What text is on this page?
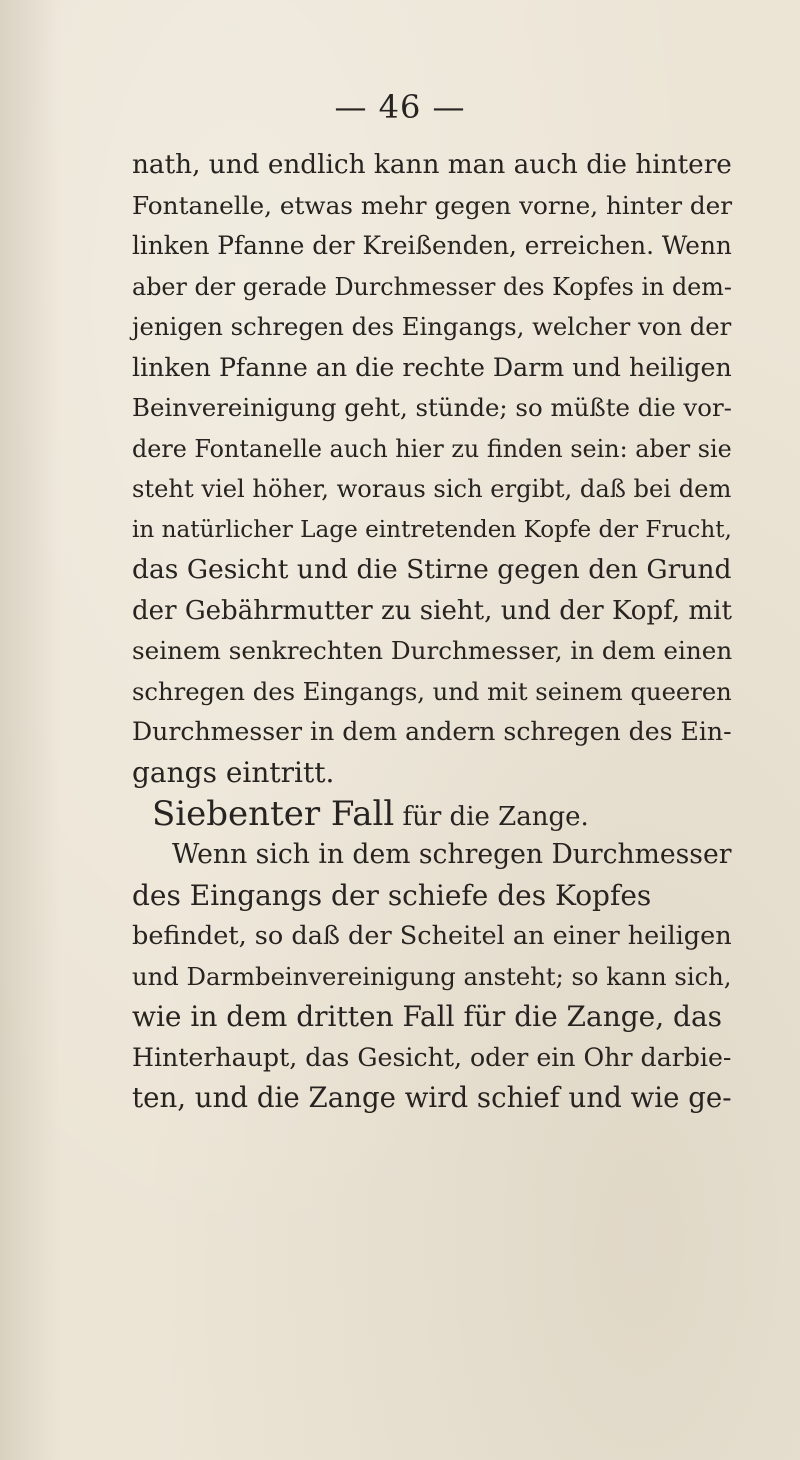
— 46 —
nath, und endlich kann man auch die hintere
Fontanelle, etwas mehr gegen vorne, hinter der
linken Pfanne der Kreißenden, erreichen. Wenn
aber der gerade Durchmesser des Kopfes in dem-
jenigen schregen des Eingangs, welcher von der
linken Pfanne an die rechte Darm und heiligen
Beinvereinigung geht, stünde; so müßte die vor-
dere Fontanelle auch hier zu finden sein: aber sie
steht viel höher, woraus sich ergibt, daß bei dem
in natürlicher Lage eintretenden Kopfe der Frucht,
das Gesicht und die Stirne gegen den Grund
der Gebährmutter zu sieht, und der Kopf, mit
seinem senkrechten Durchmesser, in dem einen
schregen des Eingangs, und mit seinem queeren
Durchmesser in dem andern schregen des Ein-
gangs eintritt.
Siebenter Fall für die Zange.
Wenn sich in dem schregen Durchmesser
des Eingangs der schiefe des Kopfes
befindet, so daß der Scheitel an einer heiligen
und Darmbeinvereinigung ansteht; so kann sich,
wie in dem dritten Fall für die Zange, das
Hinterhaupt, das Gesicht, oder ein Ohr darbie-
ten, und die Zange wird schief und wie ge-
